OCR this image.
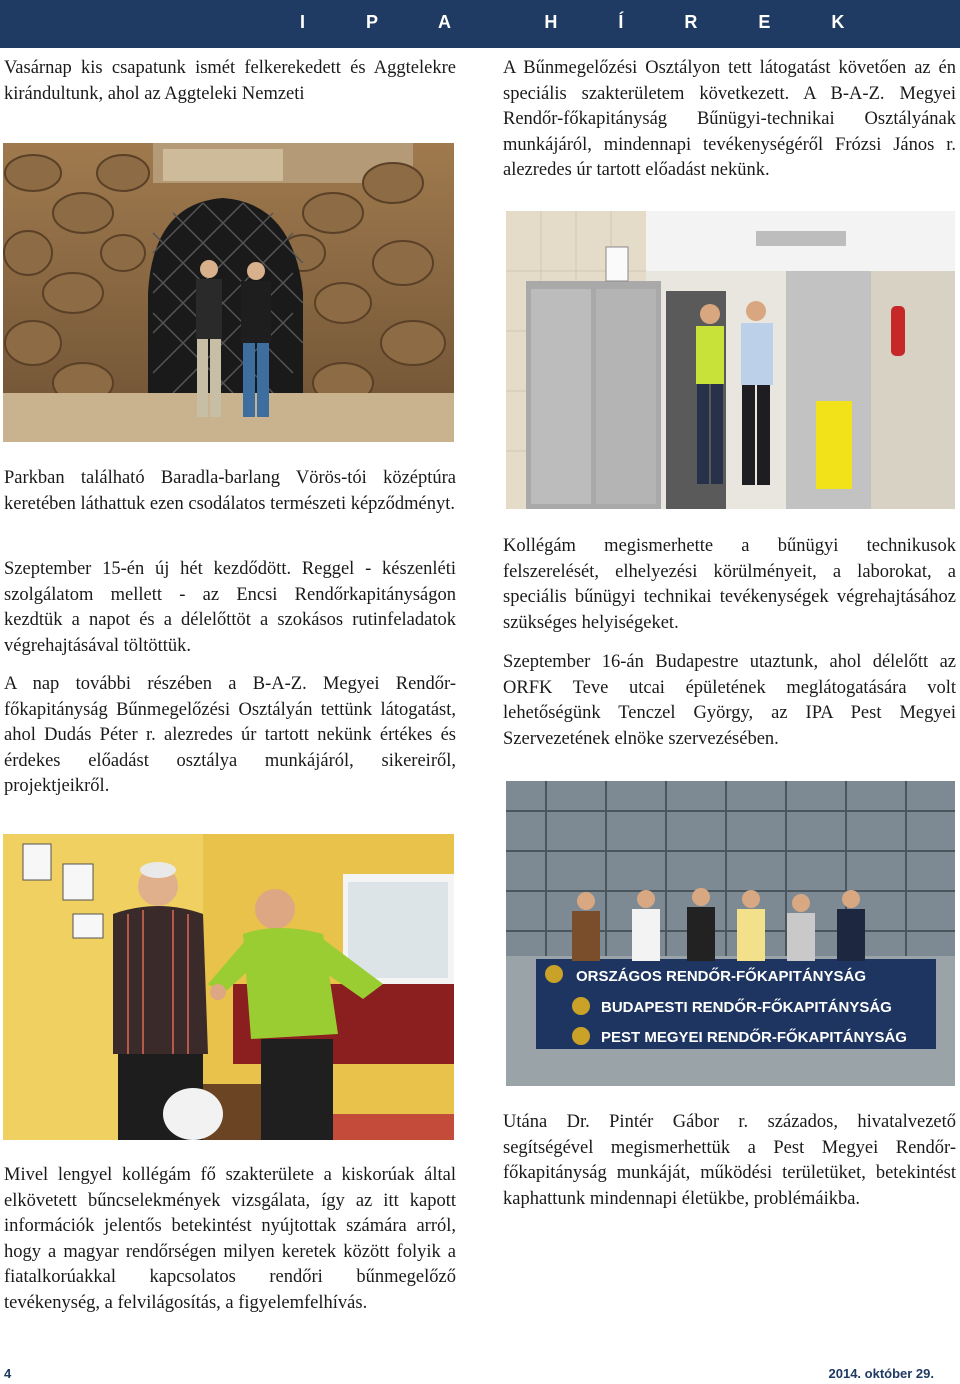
I P A  H Í R E K

Vasárnap kis csapatunk ismét felkerekedett és Aggtelekre kirándultunk, ahol az Aggteleki Nemzeti

Parkban található Baradla-barlang Vörös-tói középtúra keretében láthattuk ezen csodálatos természeti képződményt.

Szeptember 15-én új hét kezdődött. Reggel - készenléti szolgálatom mellett - az Encsi Rendőrkapitányságon kezdtük a napot és a délelőttöt a szokásos rutinfeladatok végrehajtásával töltöttük.

A nap további részében a B-A-Z. Megyei Rendőr-főkapitányság Bűnmegelőzési Osztályán tettünk látogatást, ahol Dudás Péter r. alezredes úr tartott nekünk értékes és érdekes előadást osztálya munkájáról, sikereiről, projektjeikről.

Mivel lengyel kollégám fő szakterülete a kiskorúak által elkövetett bűncselekmények vizsgálata, így az itt kapott információk jelentős betekintést nyújtottak számára arról, hogy a magyar rendőrségen milyen keretek között folyik a fiatalkorúakkal kapcsolatos rendőri bűnmegelőző tevékenység, a felvilágosítás, a figyelemfelhívás.

A Bűnmegelőzési Osztályon tett látogatást követően az én speciális szakterületem következett. A B-A-Z. Megyei Rendőr-főkapitányság Bűnügyi-technikai Osztályának munkájáról, mindennapi tevékenységéről Frózsi János r. alezredes úr tartott előadást nekünk.

Kollégám megismerhette a bűnügyi technikusok felszerelését, elhelyezési körülményeit, a laborokat, a speciális bűnügyi technikai tevékenységek végrehajtásához szükséges helyiségeket.

Szeptember 16-án Budapestre utaztunk, ahol délelőtt az ORFK Teve utcai épületének meglátogatására volt lehetőségünk Tenczel György, az IPA Pest Megyei Szervezetének elnöke szervezésében.

ORSZÁGOS RENDŐR-FŐKAPITÁNYSÁG
BUDAPESTI RENDŐR-FŐKAPITÁNYSÁG
PEST MEGYEI RENDŐR-FŐKAPITÁNYSÁG

Utána Dr. Pintér Gábor r. százados, hivatalvezető segítségével megismerhettük a Pest Megyei Rendőr-főkapitányság munkáját, működési területüket, betekintést kaphattunk mindennapi életükbe, problémáikba.

4	2014. október 29.
